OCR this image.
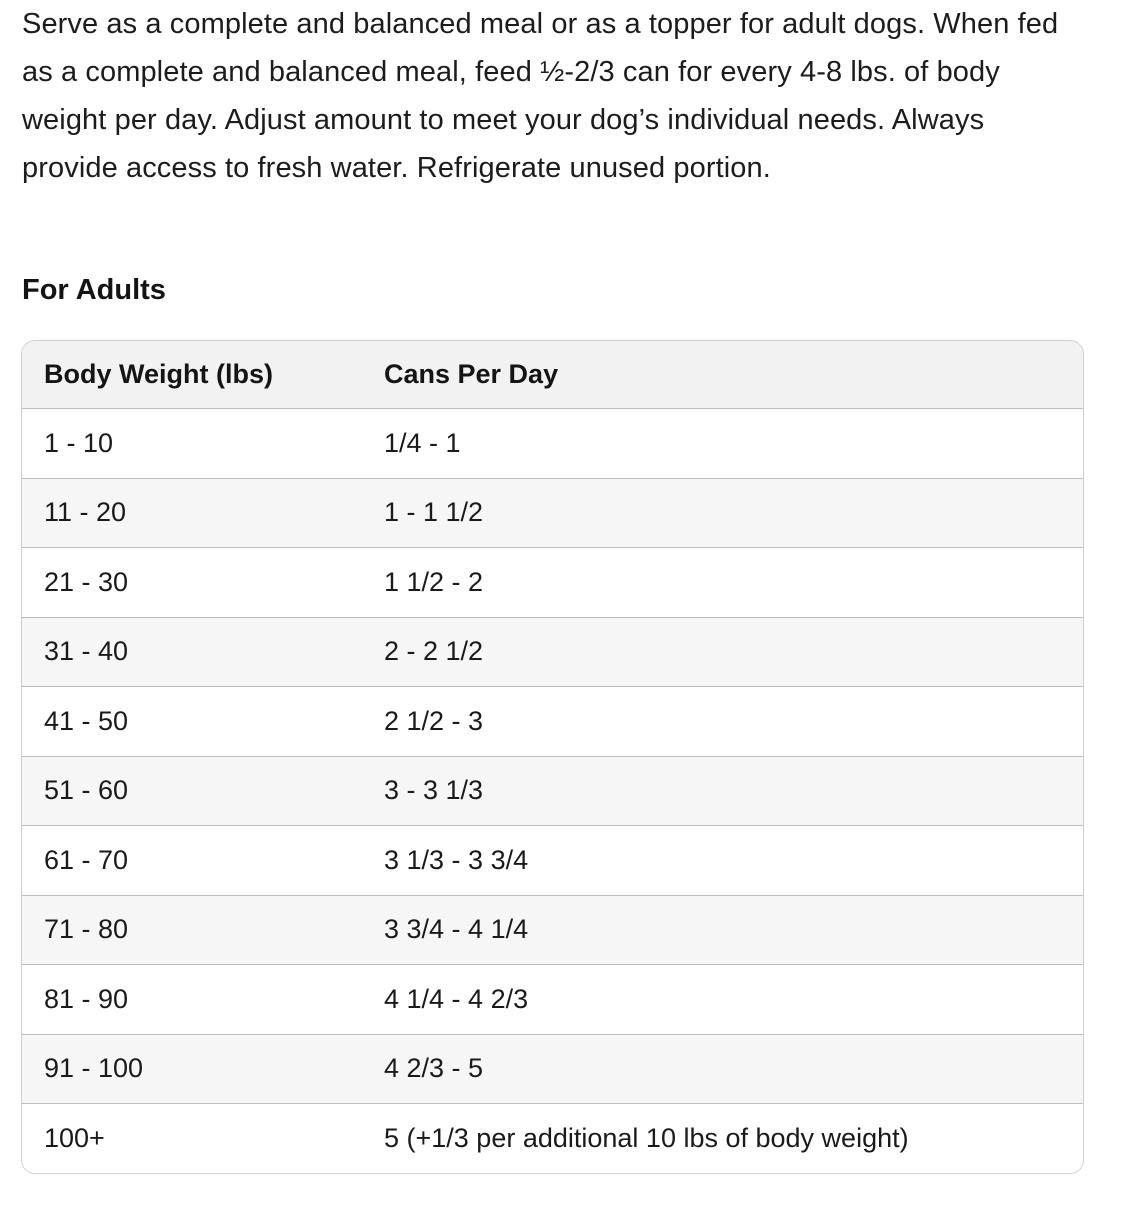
Serve as a complete and balanced meal or as a topper for adult dogs. When fed as a complete and balanced meal, feed ½-2/3 can for every 4-8 lbs. of body weight per day. Adjust amount to meet your dog’s individual needs. Always provide access to fresh water. Refrigerate unused portion.

For Adults
Body Weight (lbs)	Cans Per Day
1 - 10	1/4 - 1
11 - 20	1 - 1 1/2
21 - 30	1 1/2 - 2
31 - 40	2 - 2 1/2
41 - 50	2 1/2 - 3
51 - 60	3 - 3 1/3
61 - 70	3 1/3 - 3 3/4
71 - 80	3 3/4 - 4 1/4
81 - 90	4 1/4 - 4 2/3
91 - 100	4 2/3 - 5
100+	5 (+1/3 per additional 10 lbs of body weight)
